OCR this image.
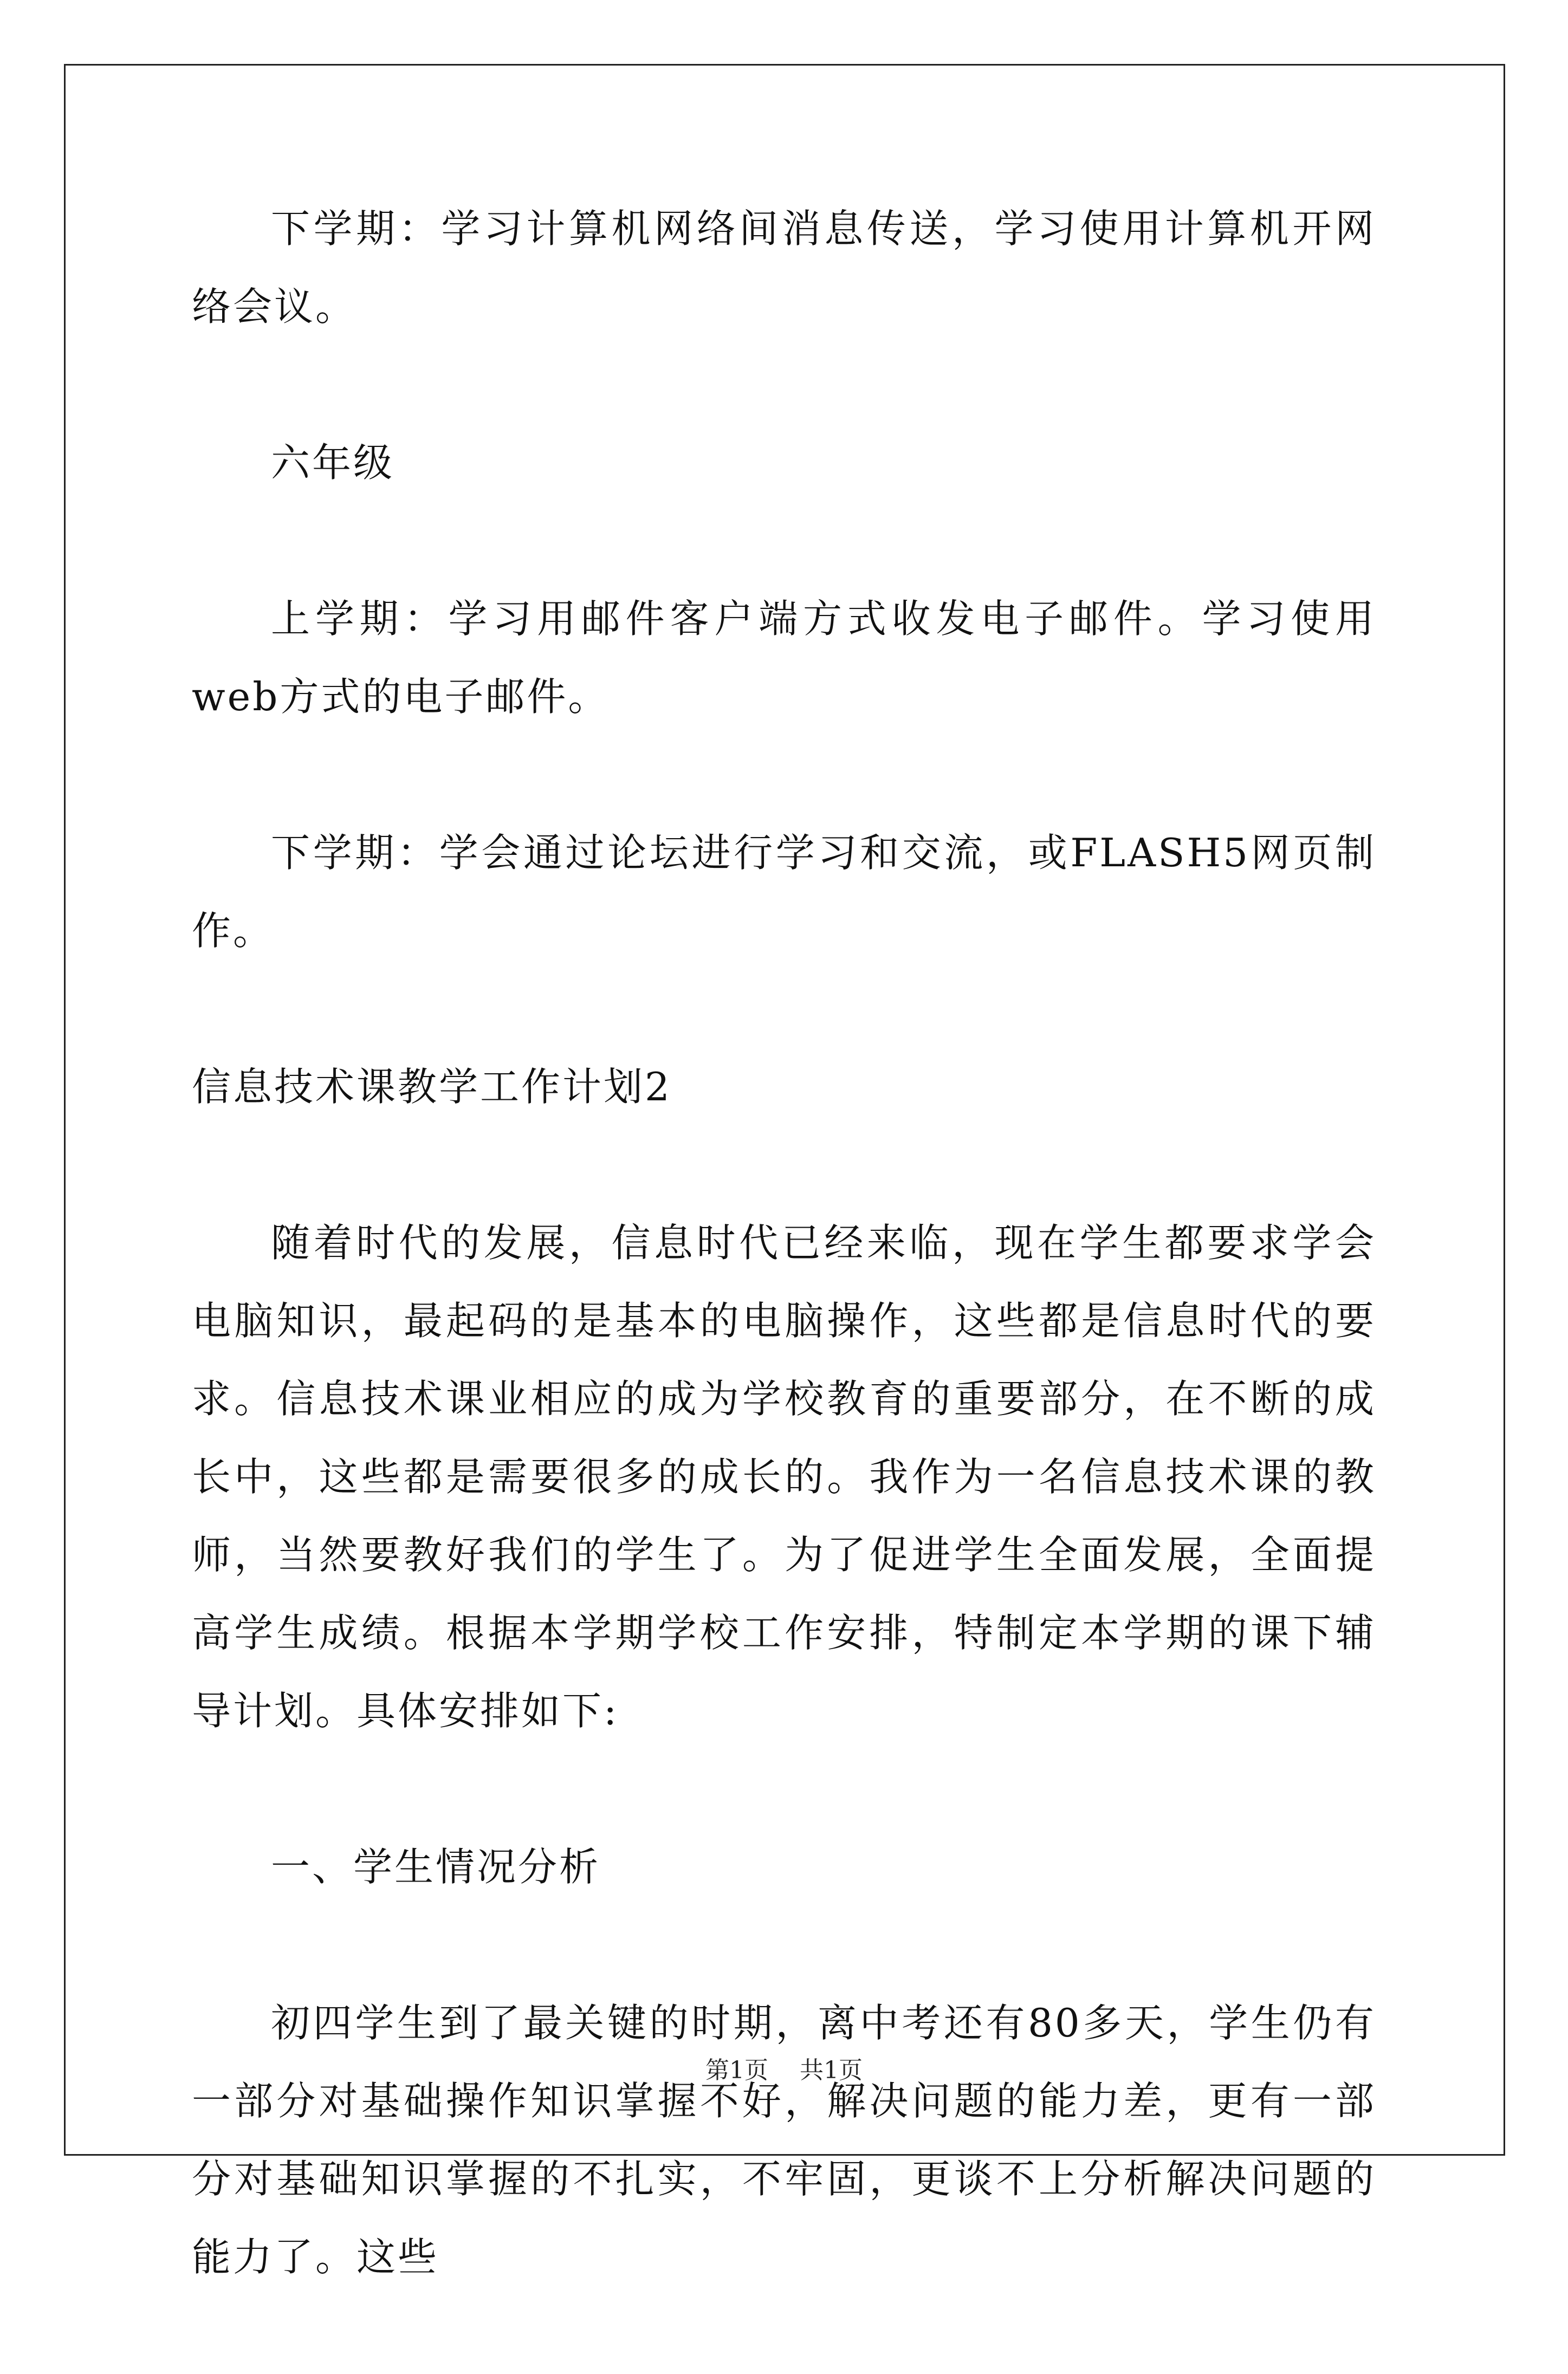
下学期：学习计算机网络间消息传送，学习使用计算机开网络会议。

六年级

上学期：学习用邮件客户端方式收发电子邮件。学习使用web方式的电子邮件。

下学期：学会通过论坛进行学习和交流，或FLASH5网页制作。

信息技术课教学工作计划2

随着时代的发展，信息时代已经来临，现在学生都要求学会电脑知识，最起码的是基本的电脑操作，这些都是信息时代的要求。信息技术课业相应的成为学校教育的重要部分，在不断的成长中，这些都是需要很多的成长的。我作为一名信息技术课的教师，当然要教好我们的学生了。为了促进学生全面发展，全面提高学生成绩。根据本学期学校工作安排，特制定本学期的课下辅导计划。具体安排如下:

一、学生情况分析

初四学生到了最关键的时期，离中考还有80多天，学生仍有一部分对基础操作知识掌握不好，解决问题的能力差，更有一部分对基础知识掌握的不扎实，不牢固，更谈不上分析解决问题的能力了。这些

第1页 共1页
